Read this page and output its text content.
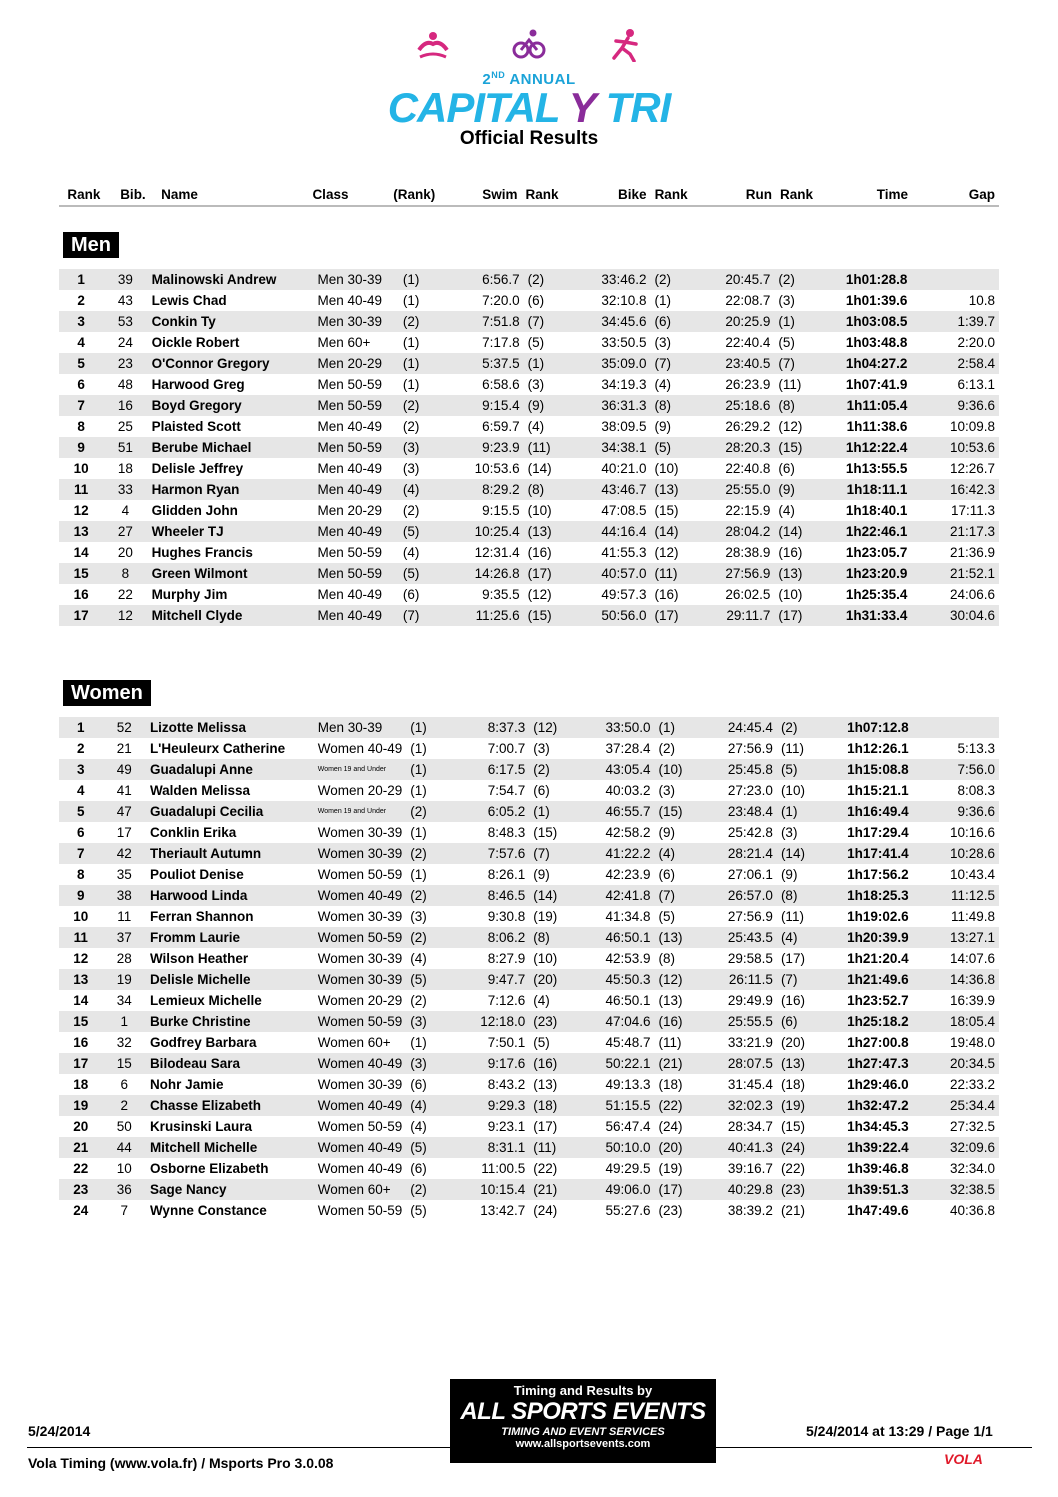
2ND ANNUAL
CAPITAL Y TRI
Official Results
Rank	Bib.	Name	Class	(Rank)	Swim	Rank	Bike	Rank	Run	Rank	Time	Gap
Men
1	39	Malinowski Andrew	Men 30-39	(1)	6:56.7	(2)	33:46.2	(2)	20:45.7	(2)	1h01:28.8	
2	43	Lewis Chad	Men 40-49	(1)	7:20.0	(6)	32:10.8	(1)	22:08.7	(3)	1h01:39.6	10.8
3	53	Conkin Ty	Men 30-39	(2)	7:51.8	(7)	34:45.6	(6)	20:25.9	(1)	1h03:08.5	1:39.7
4	24	Oickle Robert	Men 60+	(1)	7:17.8	(5)	33:50.5	(3)	22:40.4	(5)	1h03:48.8	2:20.0
5	23	O'Connor Gregory	Men 20-29	(1)	5:37.5	(1)	35:09.0	(7)	23:40.5	(7)	1h04:27.2	2:58.4
6	48	Harwood Greg	Men 50-59	(1)	6:58.6	(3)	34:19.3	(4)	26:23.9	(11)	1h07:41.9	6:13.1
7	16	Boyd Gregory	Men 50-59	(2)	9:15.4	(9)	36:31.3	(8)	25:18.6	(8)	1h11:05.4	9:36.6
8	25	Plaisted Scott	Men 40-49	(2)	6:59.7	(4)	38:09.5	(9)	26:29.2	(12)	1h11:38.6	10:09.8
9	51	Berube Michael	Men 50-59	(3)	9:23.9	(11)	34:38.1	(5)	28:20.3	(15)	1h12:22.4	10:53.6
10	18	Delisle Jeffrey	Men 40-49	(3)	10:53.6	(14)	40:21.0	(10)	22:40.8	(6)	1h13:55.5	12:26.7
11	33	Harmon Ryan	Men 40-49	(4)	8:29.2	(8)	43:46.7	(13)	25:55.0	(9)	1h18:11.1	16:42.3
12	4	Glidden John	Men 20-29	(2)	9:15.5	(10)	47:08.5	(15)	22:15.9	(4)	1h18:40.1	17:11.3
13	27	Wheeler TJ	Men 40-49	(5)	10:25.4	(13)	44:16.4	(14)	28:04.2	(14)	1h22:46.1	21:17.3
14	20	Hughes Francis	Men 50-59	(4)	12:31.4	(16)	41:55.3	(12)	28:38.9	(16)	1h23:05.7	21:36.9
15	8	Green Wilmont	Men 50-59	(5)	14:26.8	(17)	40:57.0	(11)	27:56.9	(13)	1h23:20.9	21:52.1
16	22	Murphy Jim	Men 40-49	(6)	9:35.5	(12)	49:57.3	(16)	26:02.5	(10)	1h25:35.4	24:06.6
17	12	Mitchell Clyde	Men 40-49	(7)	11:25.6	(15)	50:56.0	(17)	29:11.7	(17)	1h31:33.4	30:04.6
Women
1	52	Lizotte Melissa	Men 30-39	(1)	8:37.3	(12)	33:50.0	(1)	24:45.4	(2)	1h07:12.8	
2	21	L'Heuleurx Catherine	Women 40-49	(1)	7:00.7	(3)	37:28.4	(2)	27:56.9	(11)	1h12:26.1	5:13.3
3	49	Guadalupi Anne	Women 19 and Under	(1)	6:17.5	(2)	43:05.4	(10)	25:45.8	(5)	1h15:08.8	7:56.0
4	41	Walden Melissa	Women 20-29	(1)	7:54.7	(6)	40:03.2	(3)	27:23.0	(10)	1h15:21.1	8:08.3
5	47	Guadalupi Cecilia	Women 19 and Under	(2)	6:05.2	(1)	46:55.7	(15)	23:48.4	(1)	1h16:49.4	9:36.6
6	17	Conklin Erika	Women 30-39	(1)	8:48.3	(15)	42:58.2	(9)	25:42.8	(3)	1h17:29.4	10:16.6
7	42	Theriault Autumn	Women 30-39	(2)	7:57.6	(7)	41:22.2	(4)	28:21.4	(14)	1h17:41.4	10:28.6
8	35	Pouliot Denise	Women 50-59	(1)	8:26.1	(9)	42:23.9	(6)	27:06.1	(9)	1h17:56.2	10:43.4
9	38	Harwood Linda	Women 40-49	(2)	8:46.5	(14)	42:41.8	(7)	26:57.0	(8)	1h18:25.3	11:12.5
10	11	Ferran Shannon	Women 30-39	(3)	9:30.8	(19)	41:34.8	(5)	27:56.9	(11)	1h19:02.6	11:49.8
11	37	Fromm Laurie	Women 50-59	(2)	8:06.2	(8)	46:50.1	(13)	25:43.5	(4)	1h20:39.9	13:27.1
12	28	Wilson Heather	Women 30-39	(4)	8:27.9	(10)	42:53.9	(8)	29:58.5	(17)	1h21:20.4	14:07.6
13	19	Delisle Michelle	Women 30-39	(5)	9:47.7	(20)	45:50.3	(12)	26:11.5	(7)	1h21:49.6	14:36.8
14	34	Lemieux Michelle	Women 20-29	(2)	7:12.6	(4)	46:50.1	(13)	29:49.9	(16)	1h23:52.7	16:39.9
15	1	Burke Christine	Women 50-59	(3)	12:18.0	(23)	47:04.6	(16)	25:55.5	(6)	1h25:18.2	18:05.4
16	32	Godfrey Barbara	Women 60+	(1)	7:50.1	(5)	45:48.7	(11)	33:21.9	(20)	1h27:00.8	19:48.0
17	15	Bilodeau Sara	Women 40-49	(3)	9:17.6	(16)	50:22.1	(21)	28:07.5	(13)	1h27:47.3	20:34.5
18	6	Nohr Jamie	Women 30-39	(6)	8:43.2	(13)	49:13.3	(18)	31:45.4	(18)	1h29:46.0	22:33.2
19	2	Chasse Elizabeth	Women 40-49	(4)	9:29.3	(18)	51:15.5	(22)	32:02.3	(19)	1h32:47.2	25:34.4
20	50	Krusinski Laura	Women 50-59	(4)	9:23.1	(17)	56:47.4	(24)	28:34.7	(15)	1h34:45.3	27:32.5
21	44	Mitchell Michelle	Women 40-49	(5)	8:31.1	(11)	50:10.0	(20)	40:41.3	(24)	1h39:22.4	32:09.6
22	10	Osborne Elizabeth	Women 40-49	(6)	11:00.5	(22)	49:29.5	(19)	39:16.7	(22)	1h39:46.8	32:34.0
23	36	Sage Nancy	Women 60+	(2)	10:15.4	(21)	49:06.0	(17)	40:29.8	(23)	1h39:51.3	32:38.5
24	7	Wynne Constance	Women 50-59	(5)	13:42.7	(24)	55:27.6	(23)	38:39.2	(21)	1h47:49.6	40:36.8
5/24/2014	5/24/2014 at 13:29 / Page 1/1
Vola Timing (www.vola.fr) / Msports Pro 3.0.08
Timing and Results by
ALL SPORTS EVENTS
TIMING AND EVENT SERVICES
www.allsportsevents.com
VOLA
